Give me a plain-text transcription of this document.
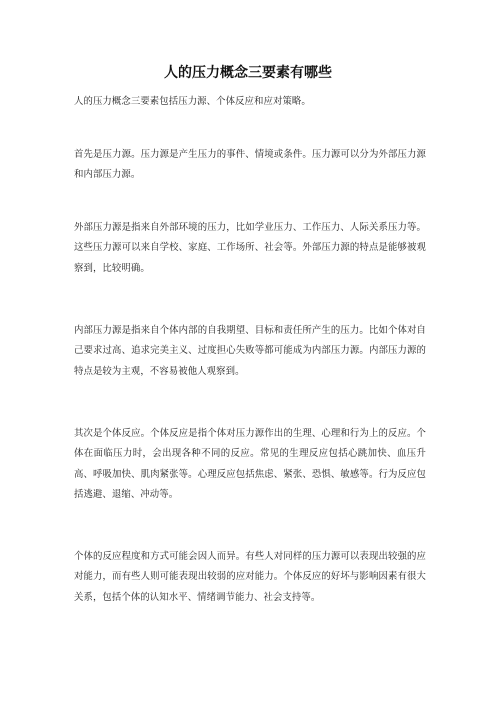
人的压力概念三要素有哪些

人的压力概念三要素包括压力源、个体反应和应对策略。

首先是压力源。压力源是产生压力的事件、情境或条件。压力源可以分为外部压力源和内部压力源。

外部压力源是指来自外部环境的压力，比如学业压力、工作压力、人际关系压力等。这些压力源可以来自学校、家庭、工作场所、社会等。外部压力源的特点是能够被观察到，比较明确。

内部压力源是指来自个体内部的自我期望、目标和责任所产生的压力。比如个体对自己要求过高、追求完美主义、过度担心失败等都可能成为内部压力源。内部压力源的特点是较为主观，不容易被他人观察到。

其次是个体反应。个体反应是指个体对压力源作出的生理、心理和行为上的反应。个体在面临压力时，会出现各种不同的反应。常见的生理反应包括心跳加快、血压升高、呼吸加快、肌肉紧张等。心理反应包括焦虑、紧张、恐惧、敏感等。行为反应包括逃避、退缩、冲动等。

个体的反应程度和方式可能会因人而异。有些人对同样的压力源可以表现出较强的应对能力，而有些人则可能表现出较弱的应对能力。个体反应的好坏与影响因素有很大关系，包括个体的认知水平、情绪调节能力、社会支持等。
